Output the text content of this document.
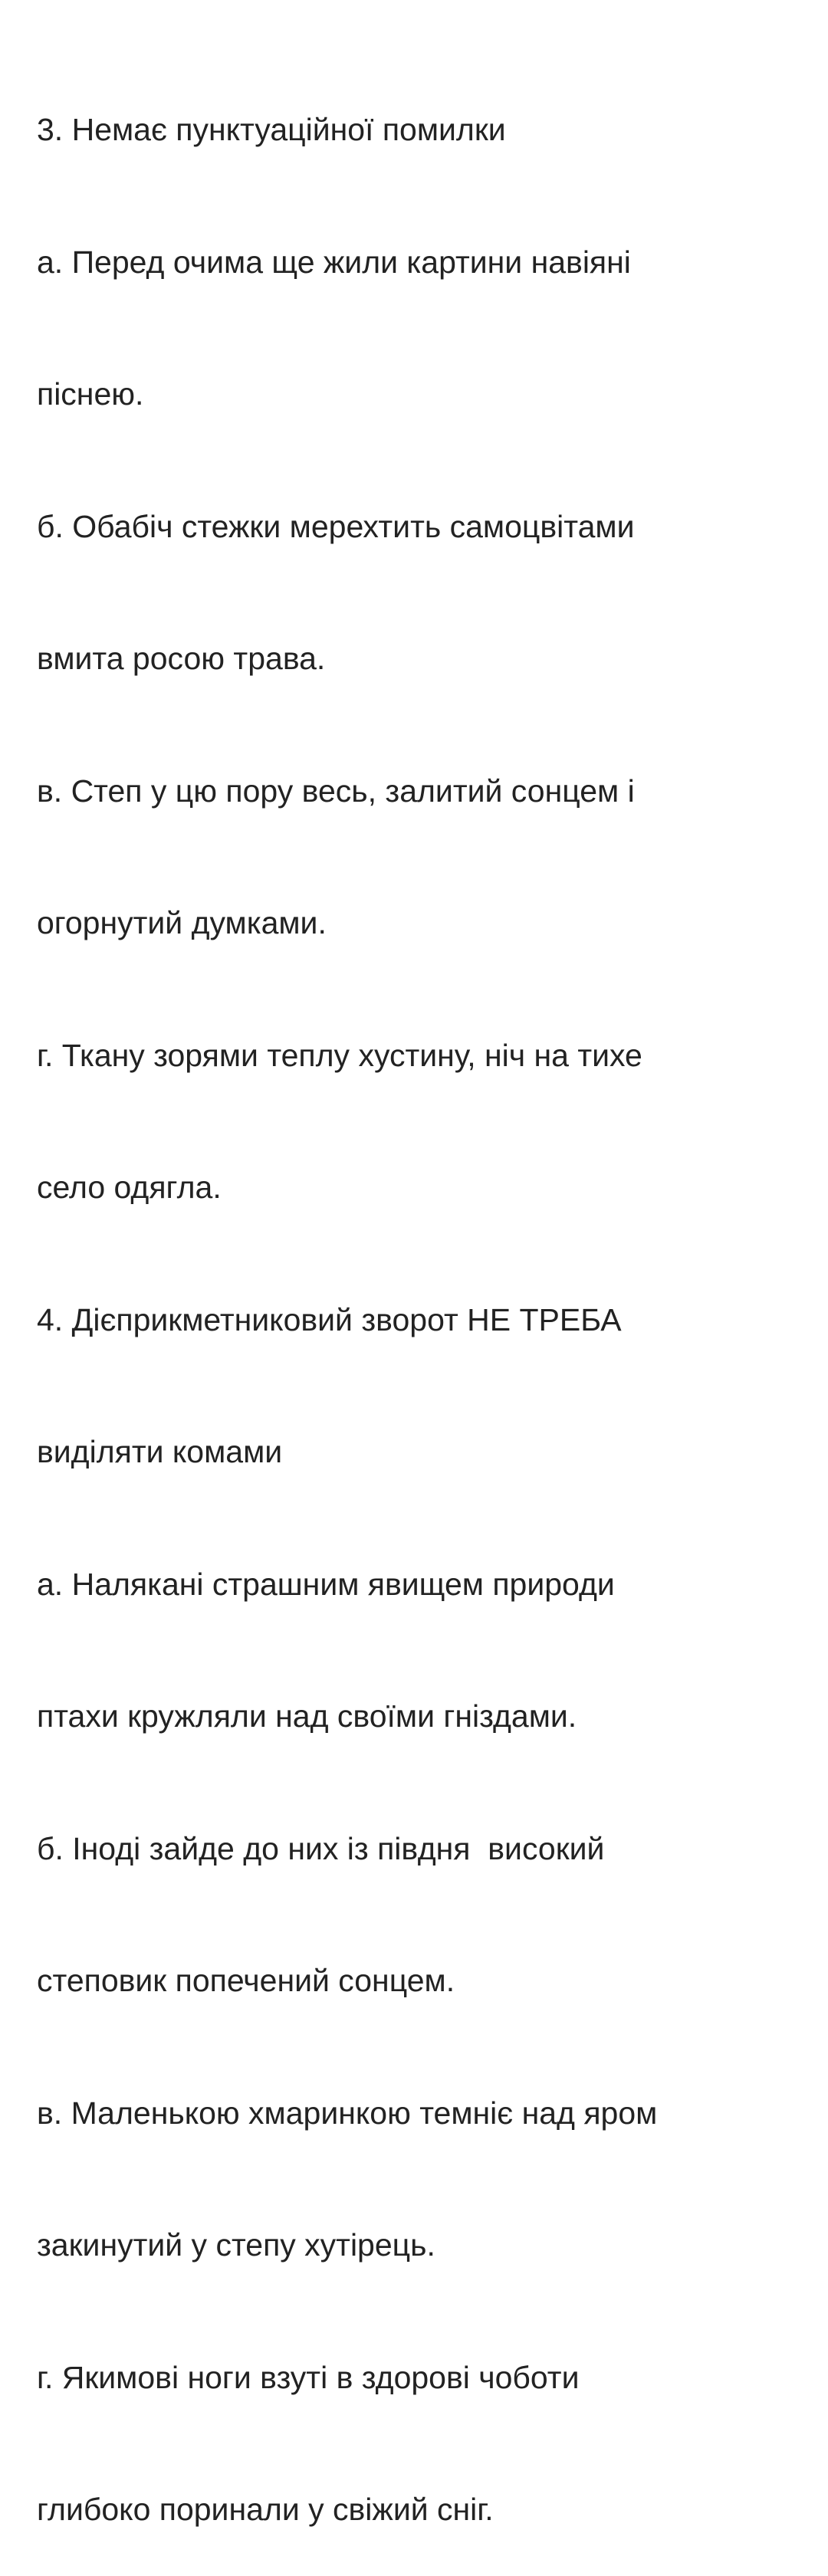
3. Немає пунктуаційної помилки

а. Перед очима ще жили картини навіяні

піснею.

б. Обабіч стежки мерехтить самоцвітами

вмита росою трава.

в. Степ у цю пору весь, залитий сонцем і

огорнутий думками.

г. Ткану зорями теплу хустину, ніч на тихе

село одягла.

4. Дієприкметниковий зворот НЕ ТРЕБА

виділяти комами

а. Налякані страшним явищем природи

птахи кружляли над своїми гніздами.

б. Іноді зайде до них із півдня  високий

степовик попечений сонцем.

в. Маленькою хмаринкою темніє над яром

закинутий у степу хутірець.

г. Якимові ноги взуті в здорові чоботи

глибоко поринали у свіжий сніг.
